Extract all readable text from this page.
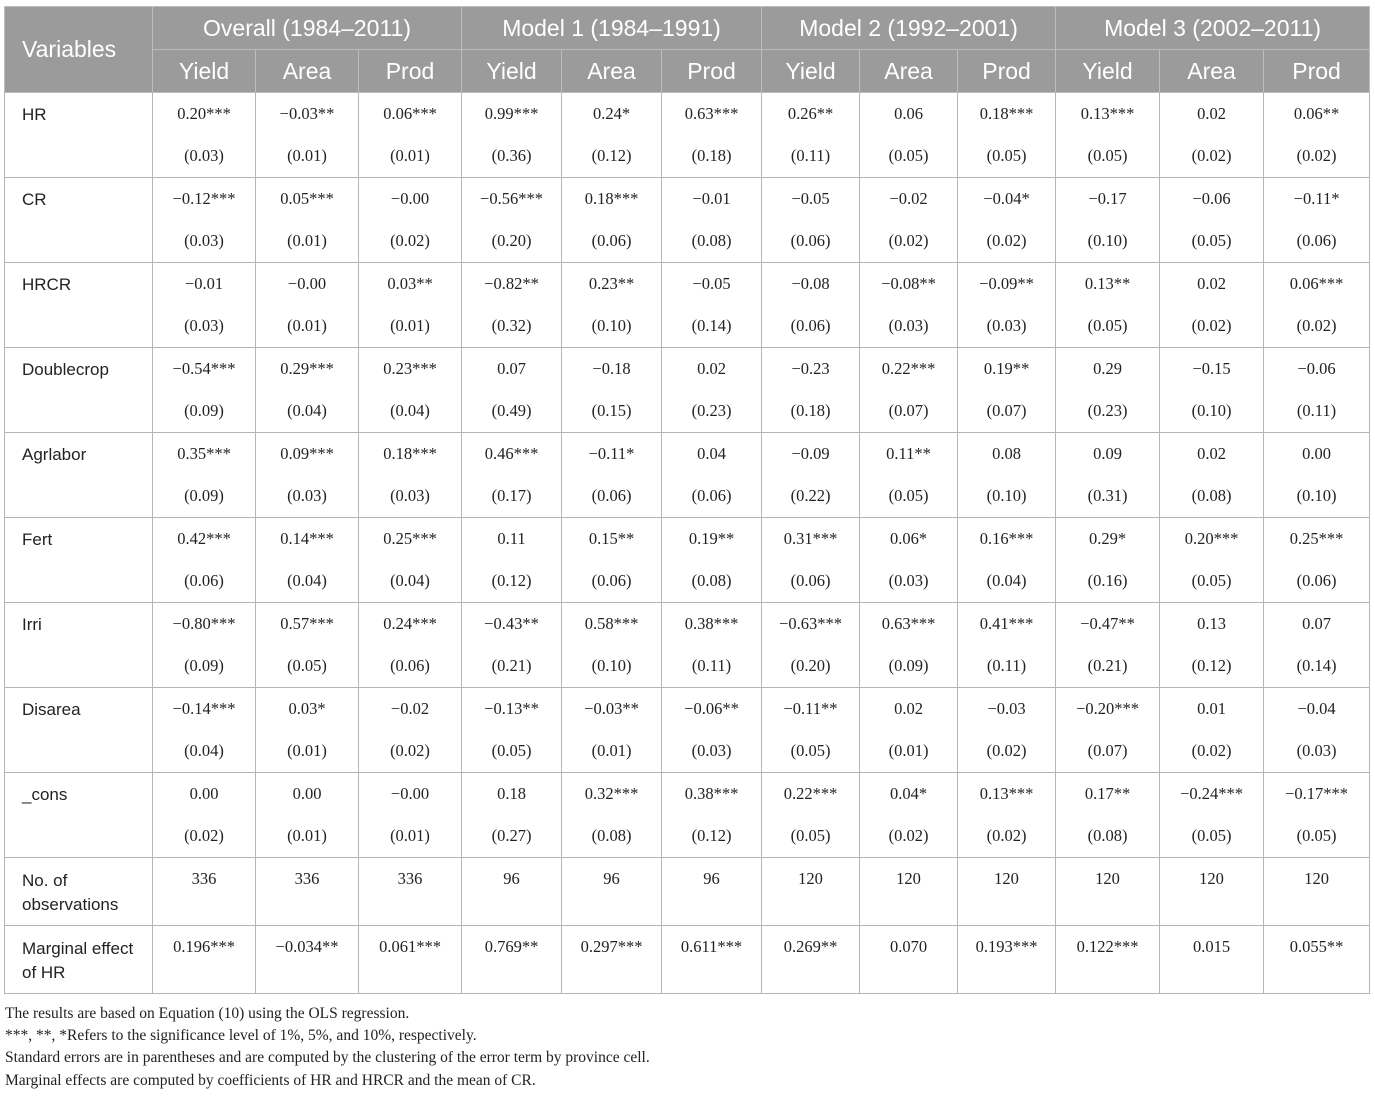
Variables	Overall (1984–2011)			Model 1 (1984–1991)			Model 2 (1992–2001)			Model 3 (2002–2011)		
	Yield	Area	Prod	Yield	Area	Prod	Yield	Area	Prod	Yield	Area	Prod
HR	0.20***	−0.03**	0.06***	0.99***	0.24*	0.63***	0.26**	0.06	0.18***	0.13***	0.02	0.06**
	(0.03)	(0.01)	(0.01)	(0.36)	(0.12)	(0.18)	(0.11)	(0.05)	(0.05)	(0.05)	(0.02)	(0.02)
CR	−0.12***	0.05***	−0.00	−0.56***	0.18***	−0.01	−0.05	−0.02	−0.04*	−0.17	−0.06	−0.11*
	(0.03)	(0.01)	(0.02)	(0.20)	(0.06)	(0.08)	(0.06)	(0.02)	(0.02)	(0.10)	(0.05)	(0.06)
HRCR	−0.01	−0.00	0.03**	−0.82**	0.23**	−0.05	−0.08	−0.08**	−0.09**	0.13**	0.02	0.06***
	(0.03)	(0.01)	(0.01)	(0.32)	(0.10)	(0.14)	(0.06)	(0.03)	(0.03)	(0.05)	(0.02)	(0.02)
Doublecrop	−0.54***	0.29***	0.23***	0.07	−0.18	0.02	−0.23	0.22***	0.19**	0.29	−0.15	−0.06
	(0.09)	(0.04)	(0.04)	(0.49)	(0.15)	(0.23)	(0.18)	(0.07)	(0.07)	(0.23)	(0.10)	(0.11)
Agrlabor	0.35***	0.09***	0.18***	0.46***	−0.11*	0.04	−0.09	0.11**	0.08	0.09	0.02	0.00
	(0.09)	(0.03)	(0.03)	(0.17)	(0.06)	(0.06)	(0.22)	(0.05)	(0.10)	(0.31)	(0.08)	(0.10)
Fert	0.42***	0.14***	0.25***	0.11	0.15**	0.19**	0.31***	0.06*	0.16***	0.29*	0.20***	0.25***
	(0.06)	(0.04)	(0.04)	(0.12)	(0.06)	(0.08)	(0.06)	(0.03)	(0.04)	(0.16)	(0.05)	(0.06)
Irri	−0.80***	0.57***	0.24***	−0.43**	0.58***	0.38***	−0.63***	0.63***	0.41***	−0.47**	0.13	0.07
	(0.09)	(0.05)	(0.06)	(0.21)	(0.10)	(0.11)	(0.20)	(0.09)	(0.11)	(0.21)	(0.12)	(0.14)
Disarea	−0.14***	0.03*	−0.02	−0.13**	−0.03**	−0.06**	−0.11**	0.02	−0.03	−0.20***	0.01	−0.04
	(0.04)	(0.01)	(0.02)	(0.05)	(0.01)	(0.03)	(0.05)	(0.01)	(0.02)	(0.07)	(0.02)	(0.03)
_cons	0.00	0.00	−0.00	0.18	0.32***	0.38***	0.22***	0.04*	0.13***	0.17**	−0.24***	−0.17***
	(0.02)	(0.01)	(0.01)	(0.27)	(0.08)	(0.12)	(0.05)	(0.02)	(0.02)	(0.08)	(0.05)	(0.05)
No. of observations	336	336	336	96	96	96	120	120	120	120	120	120
Marginal effect of HR	0.196***	−0.034**	0.061***	0.769**	0.297***	0.611***	0.269**	0.070	0.193***	0.122***	0.015	0.055**
The results are based on Equation (10) using the OLS regression.
***, **, *Refers to the significance level of 1%, 5%, and 10%, respectively.
Standard errors are in parentheses and are computed by the clustering of the error term by province cell.
Marginal effects are computed by coefficients of HR and HRCR and the mean of CR.
